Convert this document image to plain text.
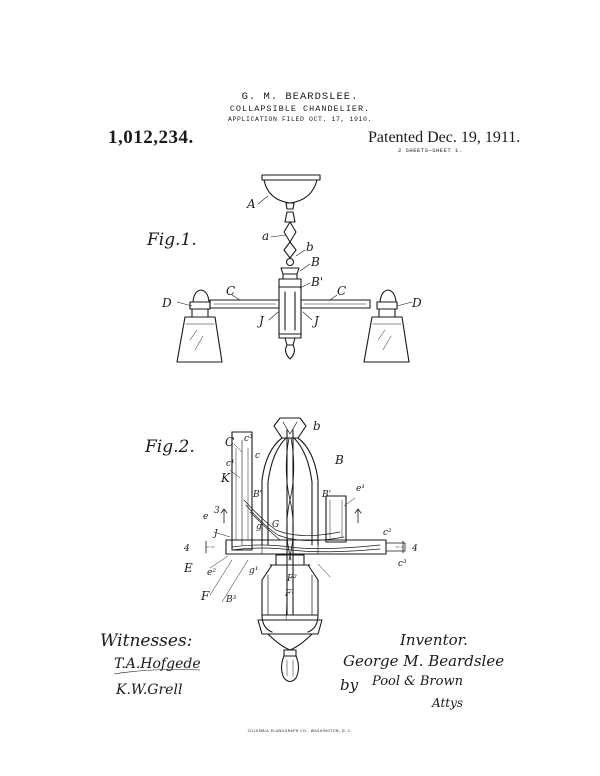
G. M. BEARDSLEE.
COLLAPSIBLE CHANDELIER.
APPLICATION FILED OCT. 17, 1910.
1,012,234.	Patented Dec. 19, 1911.
2 SHEETS—SHEET 1.
Fig.1.
A
a
b
B
B'
C	C
D	D
J	J
Fig.2.	C c³
b
c¹
K
c	B
B'	B'
e¹
e
3
J
g G
c²
4	4
E e²	g¹
F
F²
B³
c³
F¹
Witnesses:
T.A.Hofgede
K.W.Grell
Inventor.
George M. Beardslee
by Pool & Brown
Attys
COLUMBIA PLANOGRAPH CO., WASHINGTON, D. C.
